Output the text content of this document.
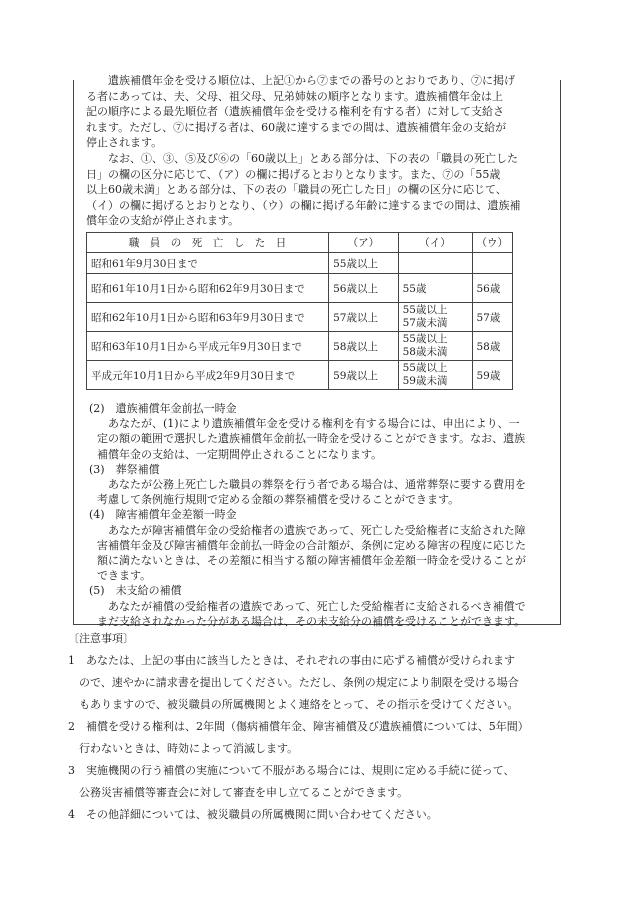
遺族補償年金を受ける順位は、上記①から⑦までの番号のとおりであり、⑦に掲げ
る者にあっては、夫、父母、祖父母、兄弟姉妹の順序となります。遺族補償年金は上
記の順序による最先順位者（遺族補償年金を受ける権利を有する者）に対して支給さ
れます。ただし、⑦に掲げる者は、60歳に達するまでの間は、遺族補償年金の支給が
停止されます。
なお、①、③、⑤及び⑥の「60歳以上」とある部分は、下の表の「職員の死亡した
日」の欄の区分に応じて、（ア）の欄に掲げるとおりとなります。また、⑦の「55歳
以上60歳未満」とある部分は、下の表の「職員の死亡した日」の欄の区分に応じて、
（イ）の欄に掲げるとおりとなり、（ウ）の欄に掲げる年齢に達するまでの間は、遺族補
償年金の支給が停止されます。
職　員　の　死　亡　し　た　日	（ア）	（イ）	（ウ）
昭和61年9月30日まで	55歳以上		
昭和61年10月1日から昭和62年9月30日まで	56歳以上	55歳	56歳
昭和62年10月1日から昭和63年9月30日まで	57歳以上	55歳以上
57歳未満	57歳
昭和63年10月1日から平成元年9月30日まで	58歳以上	55歳以上
58歳未満	58歳
平成元年10月1日から平成2年9月30日まで	59歳以上	55歳以上
59歳未満	59歳
(2)　遺族補償年金前払一時金
あなたが、(1)により遺族補償年金を受ける権利を有する場合には、申出により、一
定の額の範囲で選択した遺族補償年金前払一時金を受けることができます。なお、遺族
補償年金の支給は、一定期間停止されることになります。
(3)　葬祭補償
あなたが公務上死亡した職員の葬祭を行う者である場合は、通常葬祭に要する費用を
考慮して条例施行規則で定める金額の葬祭補償を受けることができます。
(4)　障害補償年金差額一時金
あなたが障害補償年金の受給権者の遺族であって、死亡した受給権者に支給された障
害補償年金及び障害補償年金前払一時金の合計額が、条例に定める障害の程度に応じた
額に満たないときは、その差額に相当する額の障害補償年金差額一時金を受けることが
できます。
(5)　未支給の補償
あなたが補償の受給権者の遺族であって、死亡した受給権者に支給されるべき補償で
まだ支給されなかった分がある場合は、その未支給分の補償を受けることができます。
〔注意事項〕
1　あなたは、上記の事由に該当したときは、それぞれの事由に応ずる補償が受けられます
　ので、速やかに請求書を提出してください。ただし、条例の規定により制限を受ける場合
　もありますので、被災職員の所属機関とよく連絡をとって、その指示を受けてください。
2　補償を受ける権利は、2年間（傷病補償年金、障害補償及び遺族補償については、5年間）
　行わないときは、時効によって消滅します。
3　実施機関の行う補償の実施について不服がある場合には、規則に定める手続に従って、
　公務災害補償等審査会に対して審査を申し立てることができます。
4　その他詳細については、被災職員の所属機関に問い合わせてください。
